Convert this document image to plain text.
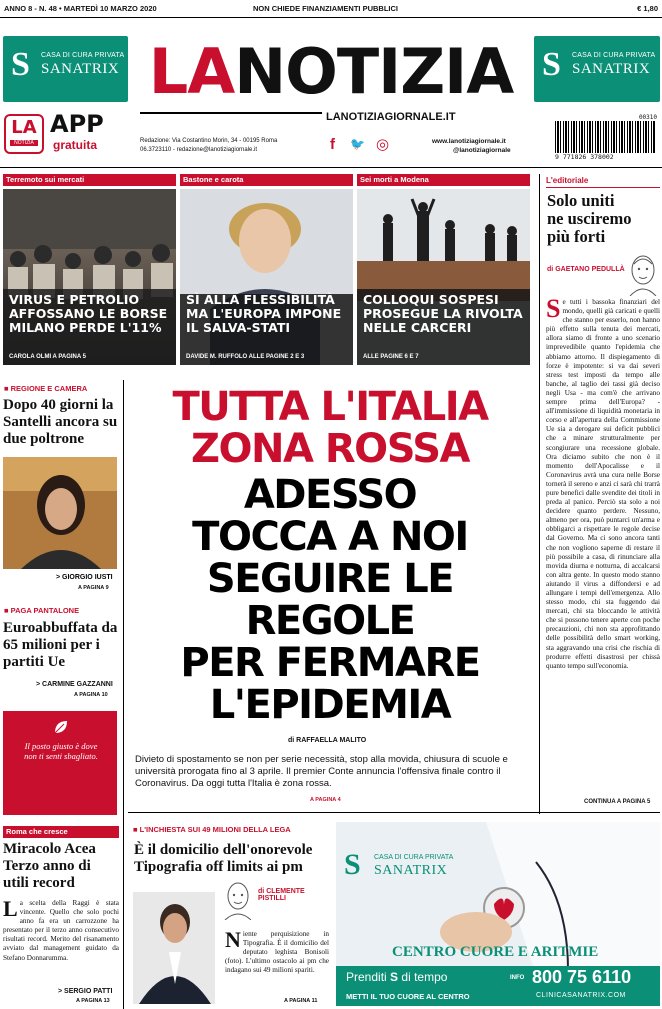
ANNO 8 - N. 48 • MARTEDÌ 10 MARZO 2020	NON CHIEDE FINANZIAMENTI PUBBLICI	€ 1,80
S CASA DI CURA PRIVATA
SANATRIX	S CASA DI CURA PRIVATA
SANATRIX
LANOTIZIA
LANOTIZIAGIORNALE.IT
LA
NOTIZIA
APP
gratuita	Redazione: Via Costantino Morin, 34 - 00195 Roma
06.3723110 - redazione@lanotiziagiornale.it	f 🐦 ◎	www.lanotiziagiornale.it
@lanotiziagiornale
00310
9 771826 378002
Terremoto sui mercati	Bastone e carota	Sei morti a Modena
VIRUS E PETROLIO AFFOSSANO LE BORSE MILANO PERDE L'11%
CAROLA OLMI A PAGINA 5
SÌ ALLA FLESSIBILITÀ MA L'EUROPA IMPONE IL SALVA-STATI
DAVIDE M. RUFFOLO ALLE PAGINE 2 E 3
COLLOQUI SOSPESI PROSEGUE LA RIVOLTA NELLE CARCERI
ALLE PAGINE 6 E 7
L'editoriale
Solo uniti ne usciremo più forti
di GAETANO PEDULLÀ
Se tutti i bassoka finanziari del mondo, quelli già caricati e quelli che stanno per esserlo, non hanno più effetto sulla tenuta dei mercati, allora siamo di fronte a uno scenario imprevedibile quanto l'epidemia che abbiamo attorno. Il dispiegamento di forze è impotente: si va dai severi stress test imposti da tempo alle banche, al taglio dei tassi già deciso negli Usa - ma com'è che arrivano sempre prima dell'Europa? - all'immissione di liquidità monetaria in corso e all'apertura della Commissione Ue sia a derogare sui deficit pubblici che a minare strutturalmente per scongiurare una recessione globale. Ora diciamo subito che non è il momento dell'Apocalisse e il Coronavirus avrà una cura nelle Borse tornerà il sereno e anzi ci sarà chi trarrà pure benefici dalle svendite dei titoli in preda al panico. Perciò sta solo a noi decidere quanto perdere. Nessuno, almeno per ora, può puntarci un'arma e obbligarci a rispettare le regole decise dal Governo. Ma ci sono ancora tanti che non vogliono saperne di restare il più possibile a casa, di rinunciare alla movida diurna e notturna, di accalcarsi con altra gente. In questo modo stanno aiutando il virus a diffondersi e ad allungare i tempi dell'emergenza. Allo stesso modo, chi sta fuggendo dai mercati, chi sta bloccando le attività che si possono tenere aperte con poche precauzioni, chi non sta approfittando delle possibilità dello smart working, sta aggravando una crisi che rischia di produrre effetti disastrosi per chissà quanto tempo sull'economia.
CONTINUA A PAGINA 5
■ REGIONE E CAMERA
Dopo 40 giorni la Santelli ancora su due poltrone
> GIORGIO IUSTI
A PAGINA 9
■ PAGA PANTALONE
Euroabbuffata da 65 milioni per i partiti Ue
> CARMINE GAZZANNI
A PAGINA 10
Il posto giusto è dove non ti senti sbagliato.
Roma che cresce
Miracolo Acea Terzo anno di utili record
La scelta della Raggi è stata vincente. Quello che solo pochi anno fa era un carrozzone ha presentato per il terzo anno consecutivo risultati record. Merito del risanamento avviato dal management guidato da Stefano Donnarumma.
> SERGIO PATTI
A PAGINA 13
TUTTA L'ITALIA
ZONA ROSSA
ADESSO
TOCCA A NOI
SEGUIRE LE REGOLE
PER FERMARE
L'EPIDEMIA
di RAFFAELLA MALITO
Divieto di spostamento se non per serie necessità, stop alla movida, chiusura di scuole e università prorogata fino al 3 aprile. Il premier Conte annuncia l'offensiva finale contro il Coronavirus. Da oggi tutta l'Italia è zona rossa.
A PAGINA 4
■ L'INCHIESTA SUI 49 MILIONI DELLA LEGA
È il domicilio dell'onorevole Tipografia off limits ai pm
di CLEMENTE PISTILLI
Niente perquisizione in Tipografia. È il domicilio del deputato leghista Bonisoli (foto). L'ultimo ostacolo ai pm che indagano sui 49 milioni spariti.
A PAGINA 11
S CASA DI CURA PRIVATA
SANATRIX
CENTRO CUORE E ARITMIE
Prenditi S di tempo	INFO 800 75 6110
METTI IL TUO CUORE AL CENTRO	CLINICASANATRIX.COM
